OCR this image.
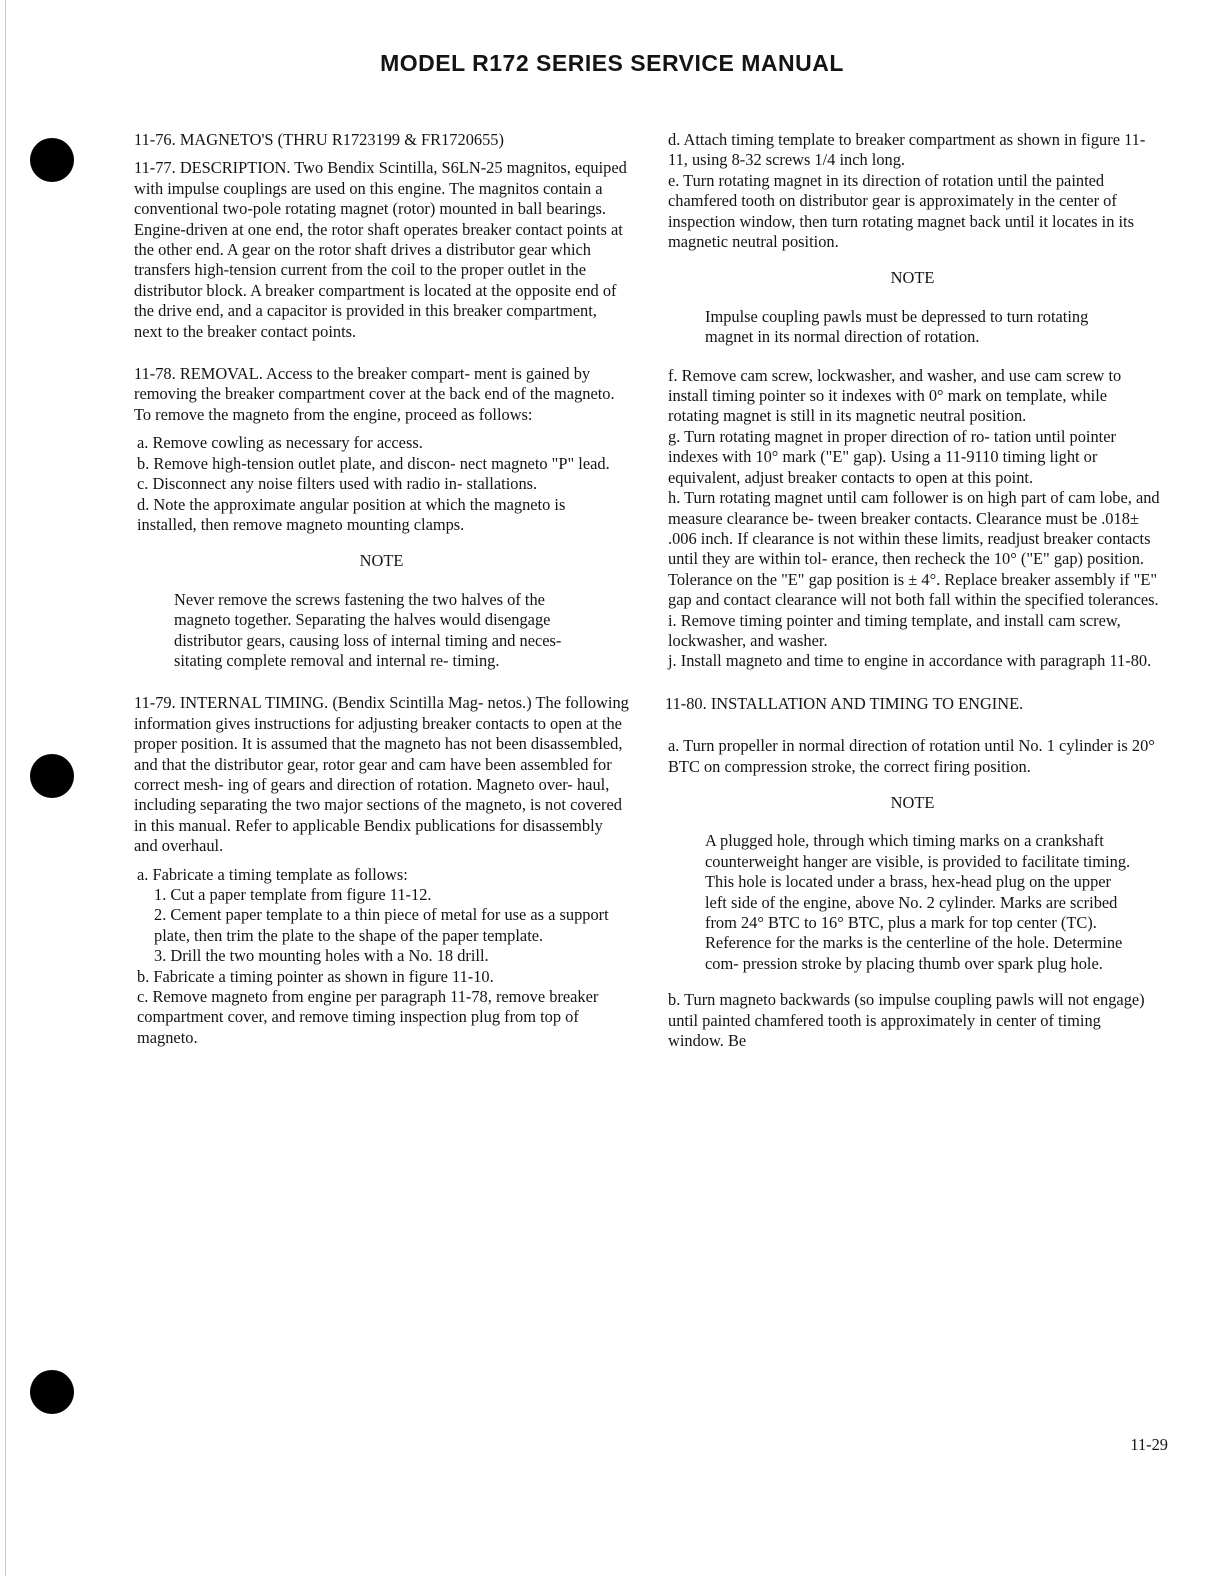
MODEL R172 SERIES SERVICE MANUAL

11-76. MAGNETO'S (THRU R1723199 & FR1720655)

11-77. DESCRIPTION. Two Bendix Scintilla, S6LN-25 magnitos, equiped with impulse couplings are used on this engine. The magnitos contain a conventional two-pole rotating magnet (rotor) mounted in ball bearings. Engine-driven at one end, the rotor shaft operates breaker contact points at the other end. A gear on the rotor shaft drives a distributor gear which transfers high-tension current from the coil to the proper outlet in the distributor block. A breaker compartment is located at the opposite end of the drive end, and a capacitor is provided in this breaker compartment, next to the breaker contact points.

11-78. REMOVAL. Access to the breaker compart- ment is gained by removing the breaker compartment cover at the back end of the magneto. To remove the magneto from the engine, proceed as follows:

a. Remove cowling as necessary for access.

b. Remove high-tension outlet plate, and discon- nect magneto "P" lead.

c. Disconnect any noise filters used with radio in- stallations.

d. Note the approximate angular position at which the magneto is installed, then remove magneto mounting clamps.

NOTE

Never remove the screws fastening the two halves of the magneto together. Separating the halves would disengage distributor gears, causing loss of internal timing and neces- sitating complete removal and internal re- timing.

11-79. INTERNAL TIMING. (Bendix Scintilla Mag- netos.) The following information gives instructions for adjusting breaker contacts to open at the proper position. It is assumed that the magneto has not been disassembled, and that the distributor gear, rotor gear and cam have been assembled for correct mesh- ing of gears and direction of rotation. Magneto over- haul, including separating the two major sections of the magneto, is not covered in this manual. Refer to applicable Bendix publications for disassembly and overhaul.

a. Fabricate a timing template as follows:

1. Cut a paper template from figure 11-12.

2. Cement paper template to a thin piece of metal for use as a support plate, then trim the plate to the shape of the paper template.

3. Drill the two mounting holes with a No. 18 drill.

b. Fabricate a timing pointer as shown in figure 11-10.

c. Remove magneto from engine per paragraph 11-78, remove breaker compartment cover, and remove timing inspection plug from top of magneto.

d. Attach timing template to breaker compartment as shown in figure 11-11, using 8-32 screws 1/4 inch long.

e. Turn rotating magnet in its direction of rotation until the painted chamfered tooth on distributor gear is approximately in the center of inspection window, then turn rotating magnet back until it locates in its magnetic neutral position.

NOTE

Impulse coupling pawls must be depressed to turn rotating magnet in its normal direction of rotation.

f. Remove cam screw, lockwasher, and washer, and use cam screw to install timing pointer so it indexes with 0° mark on template, while rotating magnet is still in its magnetic neutral position.

g. Turn rotating magnet in proper direction of ro- tation until pointer indexes with 10° mark ("E" gap). Using a 11-9110 timing light or equivalent, adjust breaker contacts to open at this point.

h. Turn rotating magnet until cam follower is on high part of cam lobe, and measure clearance be- tween breaker contacts. Clearance must be .018± .006 inch. If clearance is not within these limits, readjust breaker contacts until they are within tol- erance, then recheck the 10° ("E" gap) position. Tolerance on the "E" gap position is ± 4°. Replace breaker assembly if "E" gap and contact clearance will not both fall within the specified tolerances.

i. Remove timing pointer and timing template, and install cam screw, lockwasher, and washer.

j. Install magneto and time to engine in accordance with paragraph 11-80.

11-80. INSTALLATION AND TIMING TO ENGINE.

a. Turn propeller in normal direction of rotation until No. 1 cylinder is 20° BTC on compression stroke, the correct firing position.

NOTE

A plugged hole, through which timing marks on a crankshaft counterweight hanger are visible, is provided to facilitate timing. This hole is located under a brass, hex-head plug on the upper left side of the engine, above No. 2 cylinder. Marks are scribed from 24° BTC to 16° BTC, plus a mark for top center (TC). Reference for the marks is the centerline of the hole. Determine com- pression stroke by placing thumb over spark plug hole.

b. Turn magneto backwards (so impulse coupling pawls will not engage) until painted chamfered tooth is approximately in center of timing window. Be

11-29
